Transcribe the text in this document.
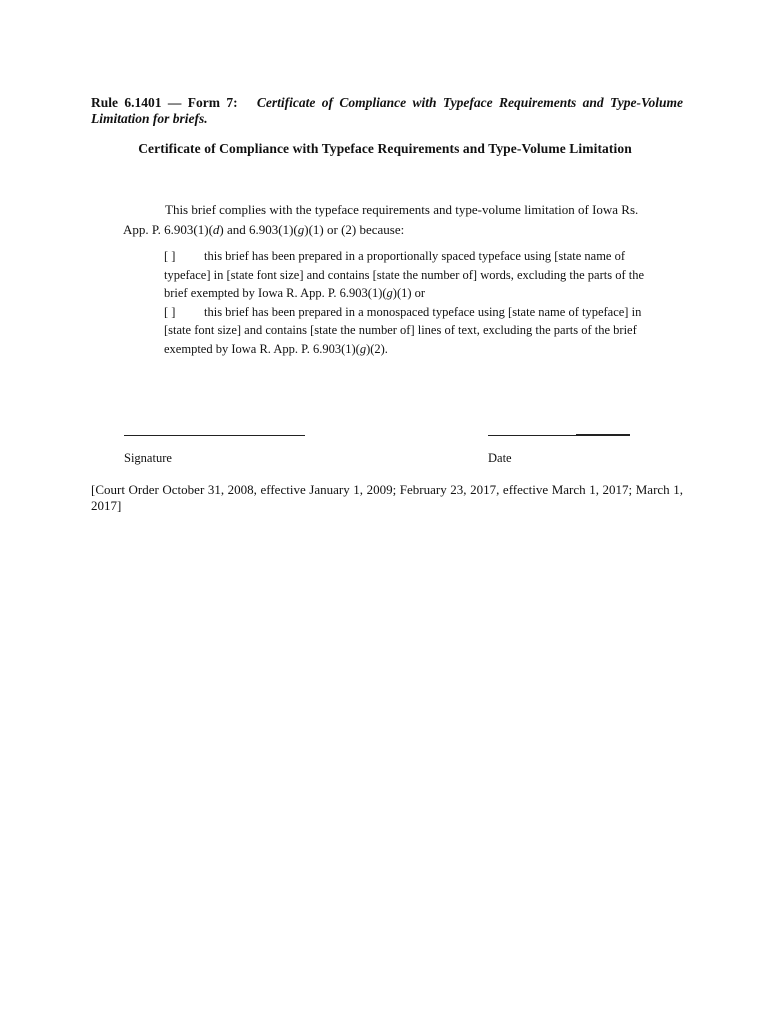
Rule 6.1401 — Form 7: Certificate of Compliance with Typeface Requirements and Type-Volume Limitation for briefs.
Certificate of Compliance with Typeface Requirements and Type-Volume Limitation
This brief complies with the typeface requirements and type-volume limitation of Iowa Rs. App. P. 6.903(1)(d) and 6.903(1)(g)(1) or (2) because:

[ ] this brief has been prepared in a proportionally spaced typeface using [state name of typeface] in [state font size] and contains [state the number of] words, excluding the parts of the brief exempted by Iowa R. App. P. 6.903(1)(g)(1) or

[ ] this brief has been prepared in a monospaced typeface using [state name of typeface] in [state font size] and contains [state the number of] lines of text, excluding the parts of the brief exempted by Iowa R. App. P. 6.903(1)(g)(2).

Signature	Date
[Court Order October 31, 2008, effective January 1, 2009; February 23, 2017, effective March 1, 2017; March 1, 2017]
